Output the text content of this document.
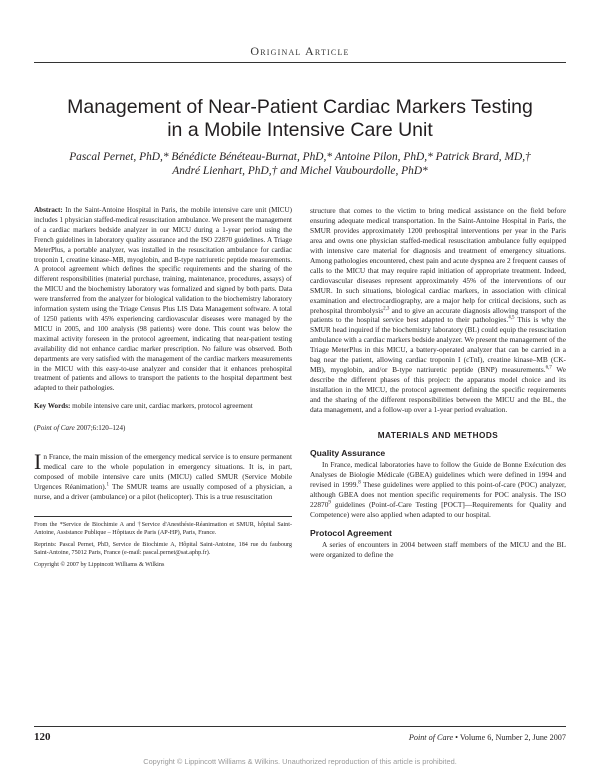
Original Article
Management of Near-Patient Cardiac Markers Testing
in a Mobile Intensive Care Unit
Pascal Pernet, PhD,* Bénédicte Bénéteau-Burnat, PhD,* Antoine Pilon, PhD,* Patrick Brard, MD,†
André Lienhart, PhD,† and Michel Vaubourdolle, PhD*

Abstract: In the Saint-Antoine Hospital in Paris, the mobile intensive care unit (MICU) includes 1 physician staffed-medical resuscitation ambulance. We present the management of a cardiac markers bedside analyzer in our MICU during a 1-year period using the French guidelines in laboratory quality assurance and the ISO 22870 guidelines. A Triage MeterPlus, a portable analyzer, was installed in the resuscitation ambulance for cardiac troponin I, creatine kinase–MB, myoglobin, and B-type natriuretic peptide measurements. A protocol agreement which defines the specific requirements and the sharing of the different responsibilities (material purchase, training, maintenance, procedures, assays) of the MICU and the biochemistry laboratory was formalized and signed by both parts. Data were transferred from the analyzer for biological validation to the biochemistry laboratory information system using the Triage Census Plus LIS Data Management software. A total of 1250 patients with 45% experiencing cardiovascular diseases were managed by the MICU in 2005, and 100 analysis (98 patients) were done. This count was below the maximal activity foreseen in the protocol agreement, indicating that near-patient testing availability did not enhance cardiac marker prescription. No failure was observed. Both departments are very satisfied with the management of the cardiac markers measurements in the MICU with this easy-to-use analyzer and consider that it enhances prehospital treatment of patients and allows to transport the patients to the hospital department best adapted to their pathologies.

Key Words: mobile intensive care unit, cardiac markers, protocol agreement

(Point of Care 2007;6:120–124)

In France, the main mission of the emergency medical service is to ensure permanent medical care to the whole population in emergency situations. It is, in part, composed of mobile intensive care units (MICU) called SMUR (Service Mobile Urgences Réanimation).$^1$ The SMUR teams are usually composed of a physician, a nurse, and a driver (ambulance) or a pilot (helicopter). This is a true resuscitation

From the *Service de Biochimie A and †Service d'Anesthésie-Réanimation et SMUR, hôpital Saint-Antoine, Assistance Publique – Hôpitaux de Paris (AP-HP), Paris, France.

Reprints: Pascal Pernet, PhD, Service de Biochimie A, Hôpital Saint-Antoine, 184 rue du faubourg Saint-Antoine, 75012 Paris, France (e-mail: pascal.pernet@sat.aphp.fr).

Copyright © 2007 by Lippincott Williams & Wilkins

structure that comes to the victim to bring medical assistance on the field before ensuring adequate medical transportation. In the Saint-Antoine Hospital in Paris, the SMUR provides approximately 1200 prehospital interventions per year in the Paris area and owns one physician staffed-medical resuscitation ambulance fully equipped with intensive care material for diagnosis and treatment of emergency situations. Among pathologies encountered, chest pain and acute dyspnea are 2 frequent causes of calls to the MICU that may require rapid initiation of appropriate treatment. Indeed, cardiovascular diseases represent approximately 45% of the interventions of our SMUR. In such situations, biological cardiac markers, in association with clinical examination and electrocardiography, are a major help for critical decisions, such as prehospital thrombolysis$^{2,3}$ and to give an accurate diagnosis allowing transport of the patients to the hospital service best adapted to their pathologies.$^{4,5}$ This is why the SMUR head inquired if the biochemistry laboratory (BL) could equip the resuscitation ambulance with a cardiac markers bedside analyzer. We present the management of the Triage MeterPlus in this MICU, a battery-operated analyzer that can be carried in a bag near the patient, allowing cardiac troponin I (cTnI), creatine kinase–MB (CK-MB), myoglobin, and/or B-type natriuretic peptide (BNP) measurements.$^{6,7}$ We describe the different phases of this project: the apparatus model choice and its installation in the MICU, the protocol agreement defining the specific requirements and the sharing of the different responsibilities between the MICU and the BL, the data management, and a follow-up over a 1-year period evaluation.

MATERIALS AND METHODS
Quality Assurance

In France, medical laboratories have to follow the Guide de Bonne Exécution des Analyses de Biologie Médicale (GBEA) guidelines which were defined in 1994 and revised in 1999.$^8$ These guidelines were applied to this point-of-care (POC) analyzer, although GBEA does not mention specific requirements for POC analysis. The ISO 22870$^9$ guidelines (Point-of-Care Testing [POCT]—Requirements for Quality and Competence) were also applied when adapted to our hospital.

Protocol Agreement

A series of encounters in 2004 between staff members of the MICU and the BL were organized to define the

120	Point of Care • Volume 6, Number 2, June 2007
Copyright © Lippincott Williams & Wilkins. Unauthorized reproduction of this article is prohibited.
